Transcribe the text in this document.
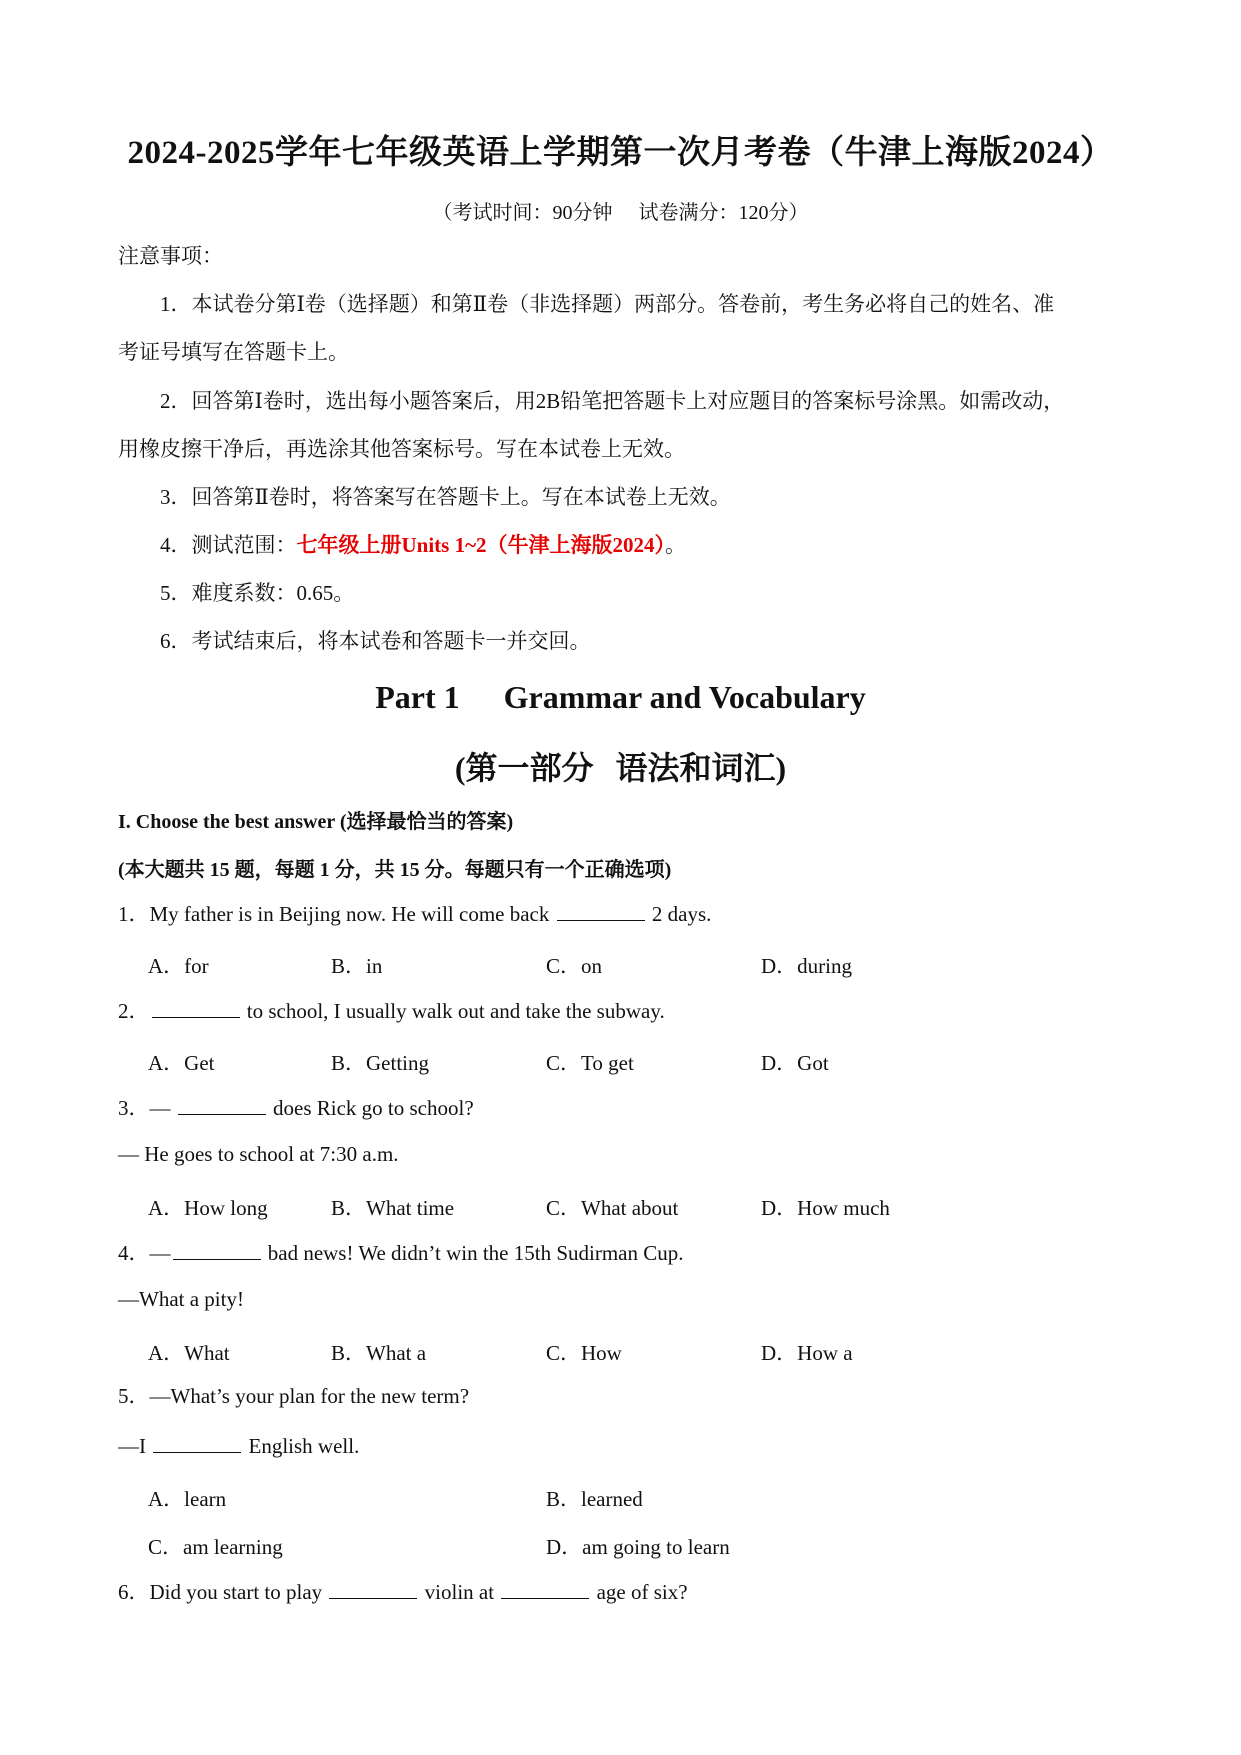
2024-2025学年七年级英语上学期第一次月考卷（牛津上海版2024）
（考试时间：90分钟 试卷满分：120分）
注意事项：
1．本试卷分第Ⅰ卷（选择题）和第Ⅱ卷（非选择题）两部分。答卷前，考生务必将自己的姓名、准
考证号填写在答题卡上。
2．回答第Ⅰ卷时，选出每小题答案后，用2B铅笔把答题卡上对应题目的答案标号涂黑。如需改动，
用橡皮擦干净后，再选涂其他答案标号。写在本试卷上无效。
3．回答第Ⅱ卷时，将答案写在答题卡上。写在本试卷上无效。
4．测试范围：七年级上册Units 1~2（牛津上海版2024）。
5．难度系数：0.65。
6．考试结束后，将本试卷和答题卡一并交回。
Part 1 Grammar and Vocabulary
(第一部分 语法和词汇)
I. Choose the best answer (选择最恰当的答案)
(本大题共 15 题，每题 1 分，共 15 分。每题只有一个正确选项)
1．My father is in Beijing now. He will come back	2 days.
A．for	B．in	C．on	D．during
2．	to school, I usually walk out and take the subway.
A．Get	B．Getting	C．To get	D．Got
3．—	does Rick go to school?
— He goes to school at 7:30 a.m.
A．How long	B．What time	C．What about	D．How much
4．—	bad news! We didn’t win the 15th Sudirman Cup.
—What a pity!
A．What	B．What a	C．How	D．How a
5．—What’s your plan for the new term?
—I	English well.
A．learn	B．learned
C．am learning	D．am going to learn
6．Did you start to play	violin at	age of six?
